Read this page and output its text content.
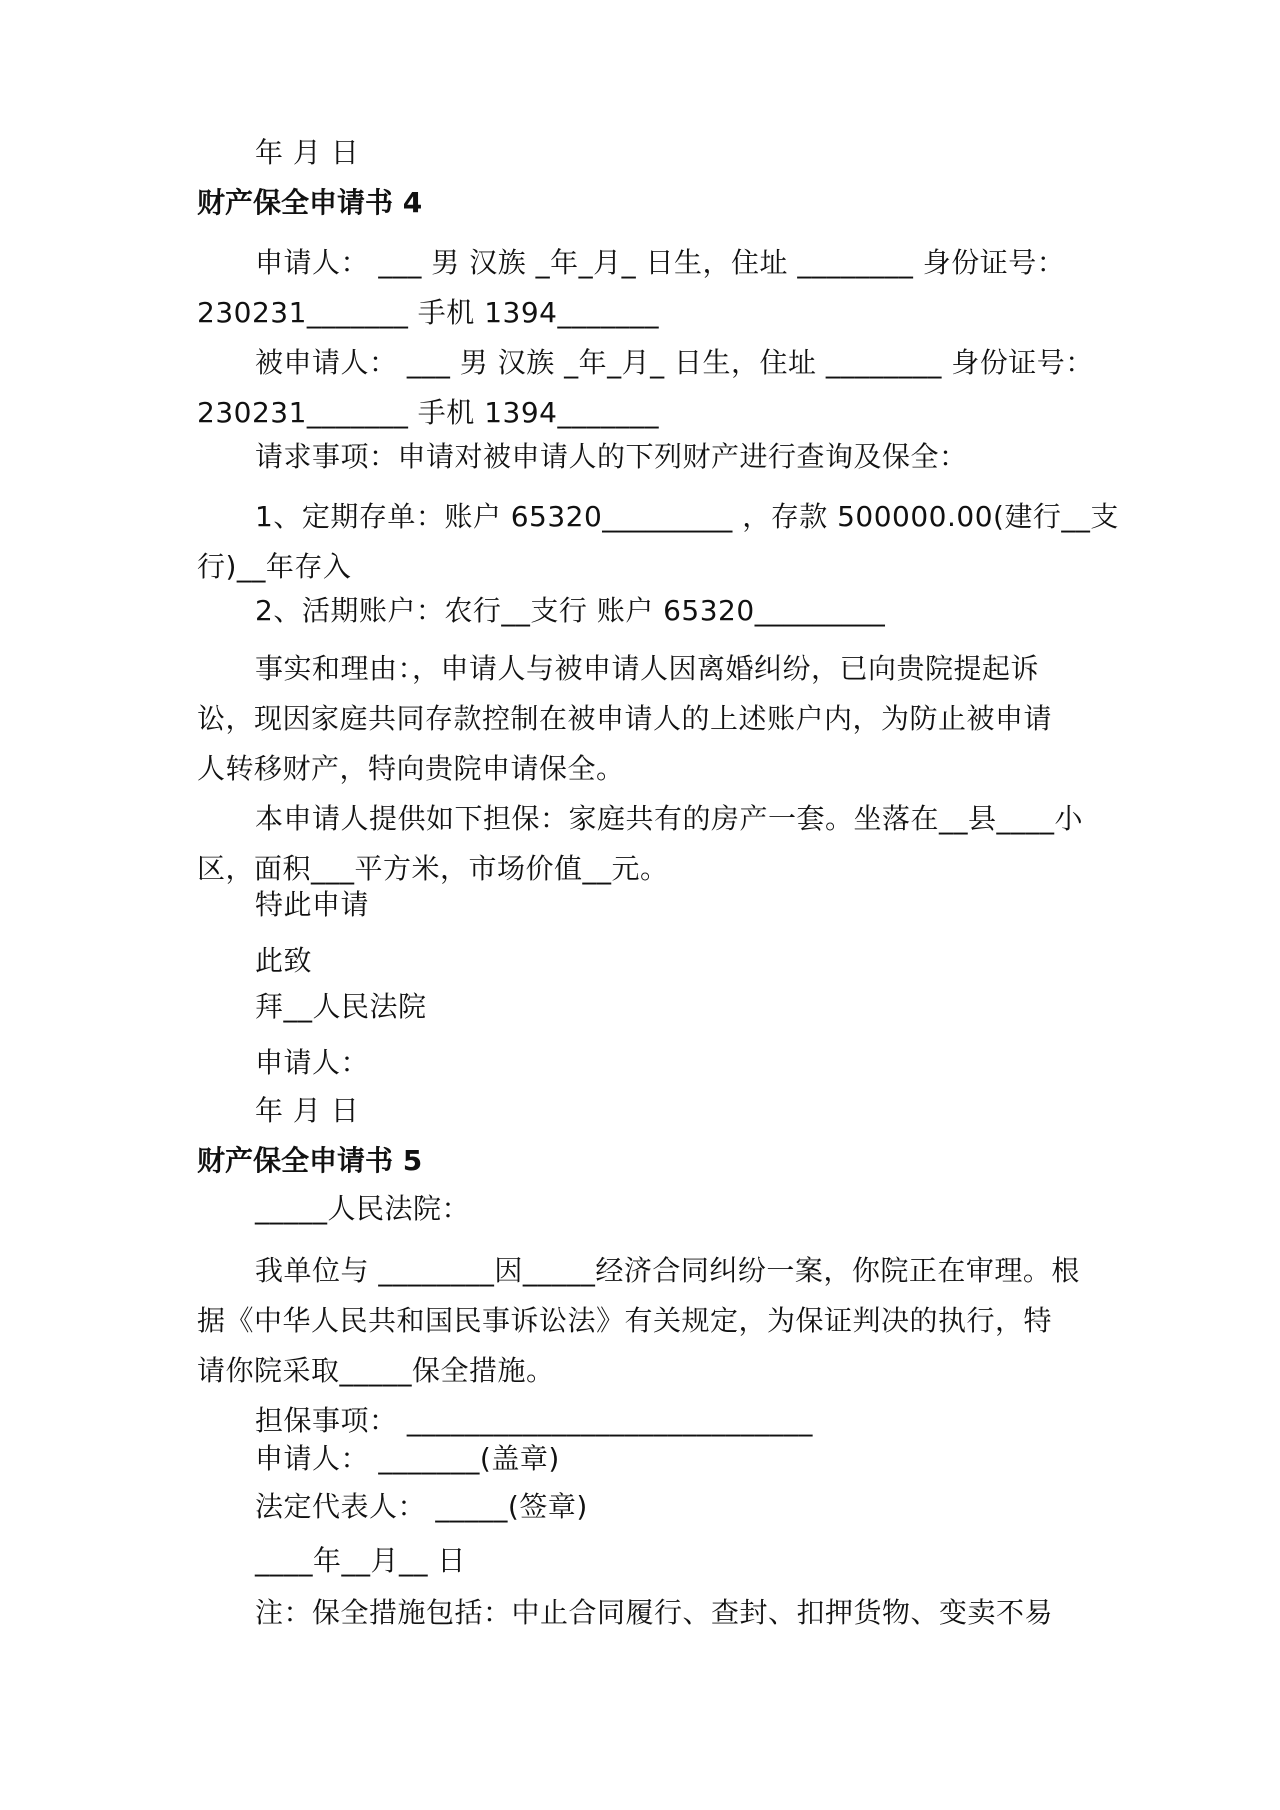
年 月 日
财产保全申请书 4
申请人： ___ 男 汉族 _年_月_ 日生，住址 ________ 身份证号：
230231_______ 手机 1394_______
被申请人： ___ 男 汉族 _年_月_ 日生，住址 ________ 身份证号：
230231_______ 手机 1394_______
请求事项：申请对被申请人的下列财产进行查询及保全：
1、定期存单：账户 65320_________ ，存款 500000.00(建行__支
行)__年存入
2、活期账户：农行__支行 账户 65320_________
事实和理由：，申请人与被申请人因离婚纠纷，已向贵院提起诉
讼，现因家庭共同存款控制在被申请人的上述账户内，为防止被申请
人转移财产，特向贵院申请保全。
本申请人提供如下担保：家庭共有的房产一套。坐落在__县____小
区，面积___平方米，市场价值__元。
特此申请
此致
拜__人民法院
申请人：
年 月 日
财产保全申请书 5
_____人民法院：
我单位与 ________因_____经济合同纠纷一案，你院正在审理。根
据《中华人民共和国民事诉讼法》有关规定，为保证判决的执行，特
请你院采取_____保全措施。
担保事项： ____________________________
申请人： _______(盖章)
法定代表人： _____(签章)
____年__月__ 日
注：保全措施包括：中止合同履行、查封、扣押货物、变卖不易
